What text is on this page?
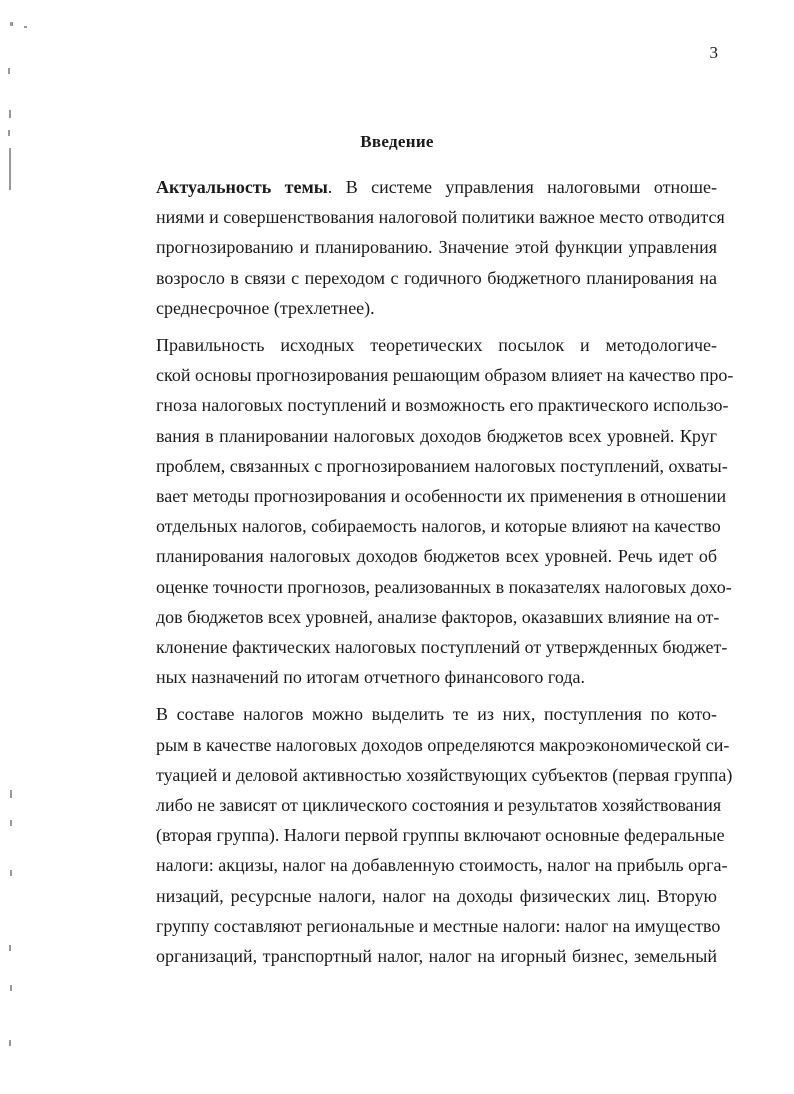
3
Введение

Актуальность темы. В системе управления налоговыми отноше-
ниями и совершенствования налоговой политики важное место отводится
прогнозированию и планированию. Значение этой функции управления
возросло в связи с переходом с годичного бюджетного планирования на
среднесрочное (трехлетнее).

Правильность исходных теоретических посылок и методологиче-
ской основы прогнозирования решающим образом влияет на качество про-
гноза налоговых поступлений и возможность его практического использо-
вания в планировании налоговых доходов бюджетов всех уровней. Круг
проблем, связанных с прогнозированием налоговых поступлений, охваты-
вает методы прогнозирования и особенности их применения в отношении
отдельных налогов, собираемость налогов, и которые влияют на качество
планирования налоговых доходов бюджетов всех уровней. Речь идет об
оценке точности прогнозов, реализованных в показателях налоговых дохо-
дов бюджетов всех уровней, анализе факторов, оказавших влияние на от-
клонение фактических налоговых поступлений от утвержденных бюджет-
ных назначений по итогам отчетного финансового года.

В составе налогов можно выделить те из них, поступления по кото-
рым в качестве налоговых доходов определяются макроэкономической си-
туацией и деловой активностью хозяйствующих субъектов (первая группа)
либо не зависят от циклического состояния и результатов хозяйствования
(вторая группа). Налоги первой группы включают основные федеральные
налоги: акцизы, налог на добавленную стоимость, налог на прибыль орга-
низаций, ресурсные налоги, налог на доходы физических лиц. Вторую
группу составляют региональные и местные налоги: налог на имущество
организаций, транспортный налог, налог на игорный бизнес, земельный
